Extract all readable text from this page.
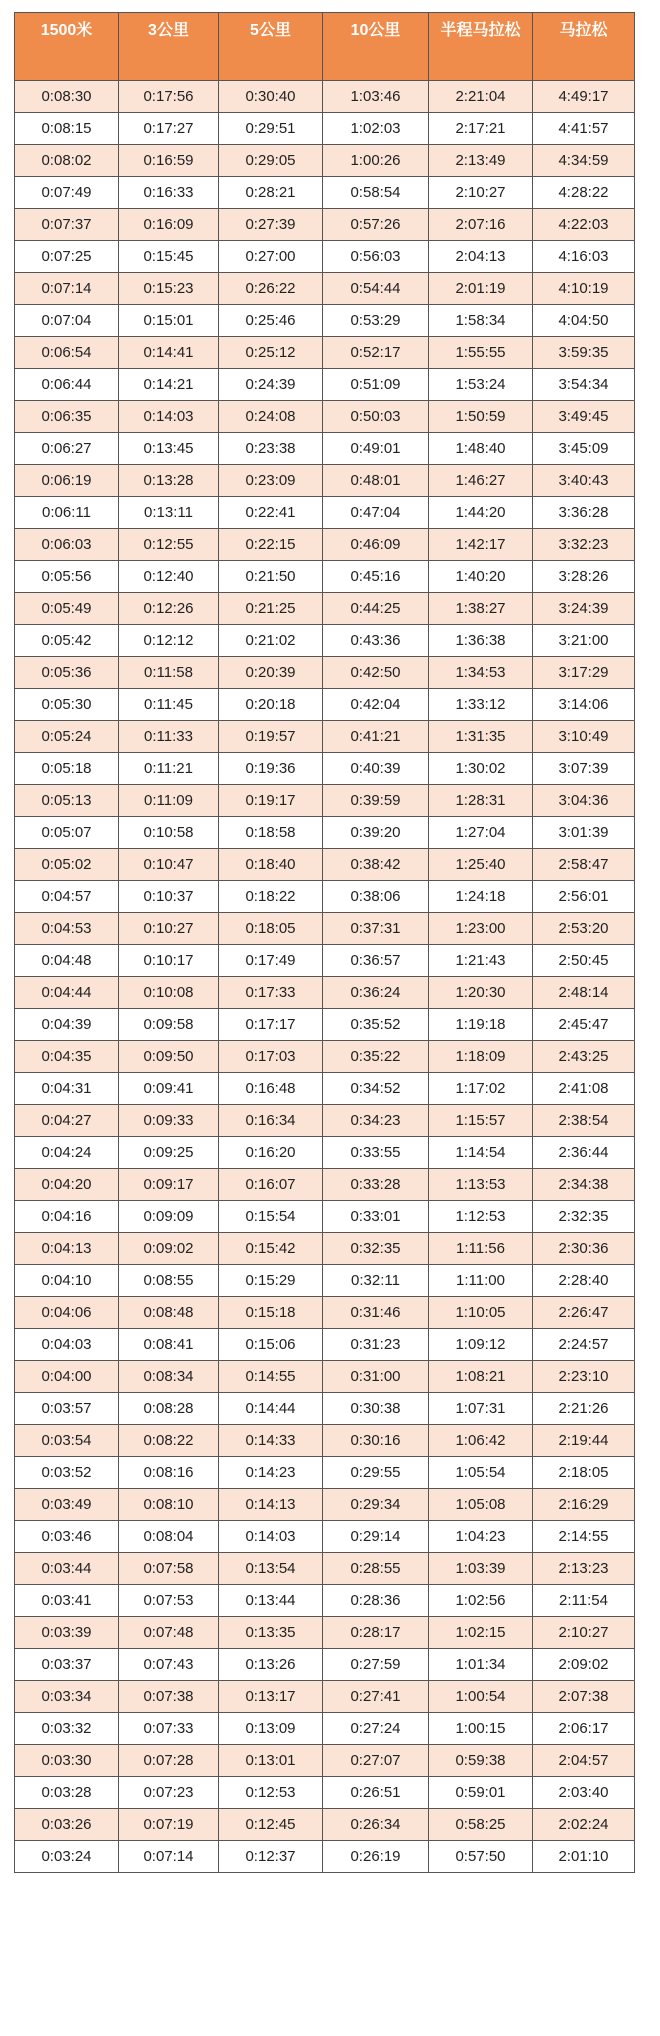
1500米	3公里	5公里	10公里	半程马拉松	马拉松
0:08:30	0:17:56	0:30:40	1:03:46	2:21:04	4:49:17
0:08:15	0:17:27	0:29:51	1:02:03	2:17:21	4:41:57
0:08:02	0:16:59	0:29:05	1:00:26	2:13:49	4:34:59
0:07:49	0:16:33	0:28:21	0:58:54	2:10:27	4:28:22
0:07:37	0:16:09	0:27:39	0:57:26	2:07:16	4:22:03
0:07:25	0:15:45	0:27:00	0:56:03	2:04:13	4:16:03
0:07:14	0:15:23	0:26:22	0:54:44	2:01:19	4:10:19
0:07:04	0:15:01	0:25:46	0:53:29	1:58:34	4:04:50
0:06:54	0:14:41	0:25:12	0:52:17	1:55:55	3:59:35
0:06:44	0:14:21	0:24:39	0:51:09	1:53:24	3:54:34
0:06:35	0:14:03	0:24:08	0:50:03	1:50:59	3:49:45
0:06:27	0:13:45	0:23:38	0:49:01	1:48:40	3:45:09
0:06:19	0:13:28	0:23:09	0:48:01	1:46:27	3:40:43
0:06:11	0:13:11	0:22:41	0:47:04	1:44:20	3:36:28
0:06:03	0:12:55	0:22:15	0:46:09	1:42:17	3:32:23
0:05:56	0:12:40	0:21:50	0:45:16	1:40:20	3:28:26
0:05:49	0:12:26	0:21:25	0:44:25	1:38:27	3:24:39
0:05:42	0:12:12	0:21:02	0:43:36	1:36:38	3:21:00
0:05:36	0:11:58	0:20:39	0:42:50	1:34:53	3:17:29
0:05:30	0:11:45	0:20:18	0:42:04	1:33:12	3:14:06
0:05:24	0:11:33	0:19:57	0:41:21	1:31:35	3:10:49
0:05:18	0:11:21	0:19:36	0:40:39	1:30:02	3:07:39
0:05:13	0:11:09	0:19:17	0:39:59	1:28:31	3:04:36
0:05:07	0:10:58	0:18:58	0:39:20	1:27:04	3:01:39
0:05:02	0:10:47	0:18:40	0:38:42	1:25:40	2:58:47
0:04:57	0:10:37	0:18:22	0:38:06	1:24:18	2:56:01
0:04:53	0:10:27	0:18:05	0:37:31	1:23:00	2:53:20
0:04:48	0:10:17	0:17:49	0:36:57	1:21:43	2:50:45
0:04:44	0:10:08	0:17:33	0:36:24	1:20:30	2:48:14
0:04:39	0:09:58	0:17:17	0:35:52	1:19:18	2:45:47
0:04:35	0:09:50	0:17:03	0:35:22	1:18:09	2:43:25
0:04:31	0:09:41	0:16:48	0:34:52	1:17:02	2:41:08
0:04:27	0:09:33	0:16:34	0:34:23	1:15:57	2:38:54
0:04:24	0:09:25	0:16:20	0:33:55	1:14:54	2:36:44
0:04:20	0:09:17	0:16:07	0:33:28	1:13:53	2:34:38
0:04:16	0:09:09	0:15:54	0:33:01	1:12:53	2:32:35
0:04:13	0:09:02	0:15:42	0:32:35	1:11:56	2:30:36
0:04:10	0:08:55	0:15:29	0:32:11	1:11:00	2:28:40
0:04:06	0:08:48	0:15:18	0:31:46	1:10:05	2:26:47
0:04:03	0:08:41	0:15:06	0:31:23	1:09:12	2:24:57
0:04:00	0:08:34	0:14:55	0:31:00	1:08:21	2:23:10
0:03:57	0:08:28	0:14:44	0:30:38	1:07:31	2:21:26
0:03:54	0:08:22	0:14:33	0:30:16	1:06:42	2:19:44
0:03:52	0:08:16	0:14:23	0:29:55	1:05:54	2:18:05
0:03:49	0:08:10	0:14:13	0:29:34	1:05:08	2:16:29
0:03:46	0:08:04	0:14:03	0:29:14	1:04:23	2:14:55
0:03:44	0:07:58	0:13:54	0:28:55	1:03:39	2:13:23
0:03:41	0:07:53	0:13:44	0:28:36	1:02:56	2:11:54
0:03:39	0:07:48	0:13:35	0:28:17	1:02:15	2:10:27
0:03:37	0:07:43	0:13:26	0:27:59	1:01:34	2:09:02
0:03:34	0:07:38	0:13:17	0:27:41	1:00:54	2:07:38
0:03:32	0:07:33	0:13:09	0:27:24	1:00:15	2:06:17
0:03:30	0:07:28	0:13:01	0:27:07	0:59:38	2:04:57
0:03:28	0:07:23	0:12:53	0:26:51	0:59:01	2:03:40
0:03:26	0:07:19	0:12:45	0:26:34	0:58:25	2:02:24
0:03:24	0:07:14	0:12:37	0:26:19	0:57:50	2:01:10
